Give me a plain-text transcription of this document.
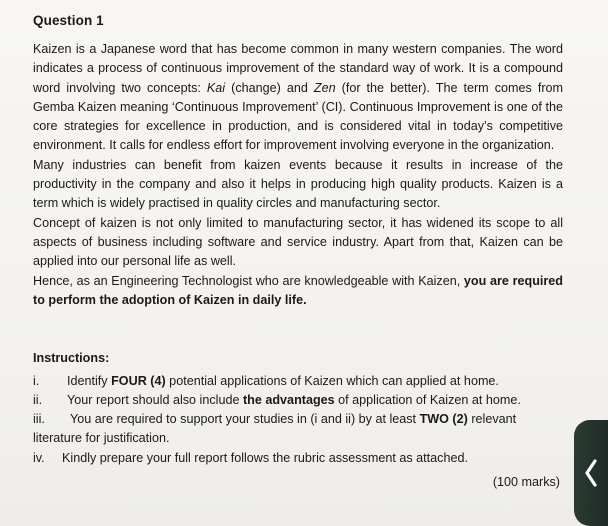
Question 1

Kaizen is a Japanese word that has become common in many western companies. The word indicates a process of continuous improvement of the standard way of work. It is a compound word involving two concepts: Kai (change) and Zen (for the better). The term comes from Gemba Kaizen meaning ‘Continuous Improvement’ (CI). Continuous Improvement is one of the core strategies for excellence in production, and is considered vital in today’s competitive environment. It calls for endless effort for improvement involving everyone in the organization.

Many industries can benefit from kaizen events because it results in increase of the productivity in the company and also it helps in producing high quality products. Kaizen is a term which is widely practised in quality circles and manufacturing sector.

Concept of kaizen is not only limited to manufacturing sector, it has widened its scope to all aspects of business including software and service industry. Apart from that, Kaizen can be applied into our personal life as well.

Hence, as an Engineering Technologist who are knowledgeable with Kaizen, you are required to perform the adoption of Kaizen in daily life.

Instructions:
i. Identify FOUR (4) potential applications of Kaizen which can applied at home.
ii. Your report should also include the advantages of application of Kaizen at home.
iii. You are required to support your studies in (i and ii) by at least TWO (2) relevant literature for justification.
iv. Kindly prepare your full report follows the rubric assessment as attached.
(100 marks)
